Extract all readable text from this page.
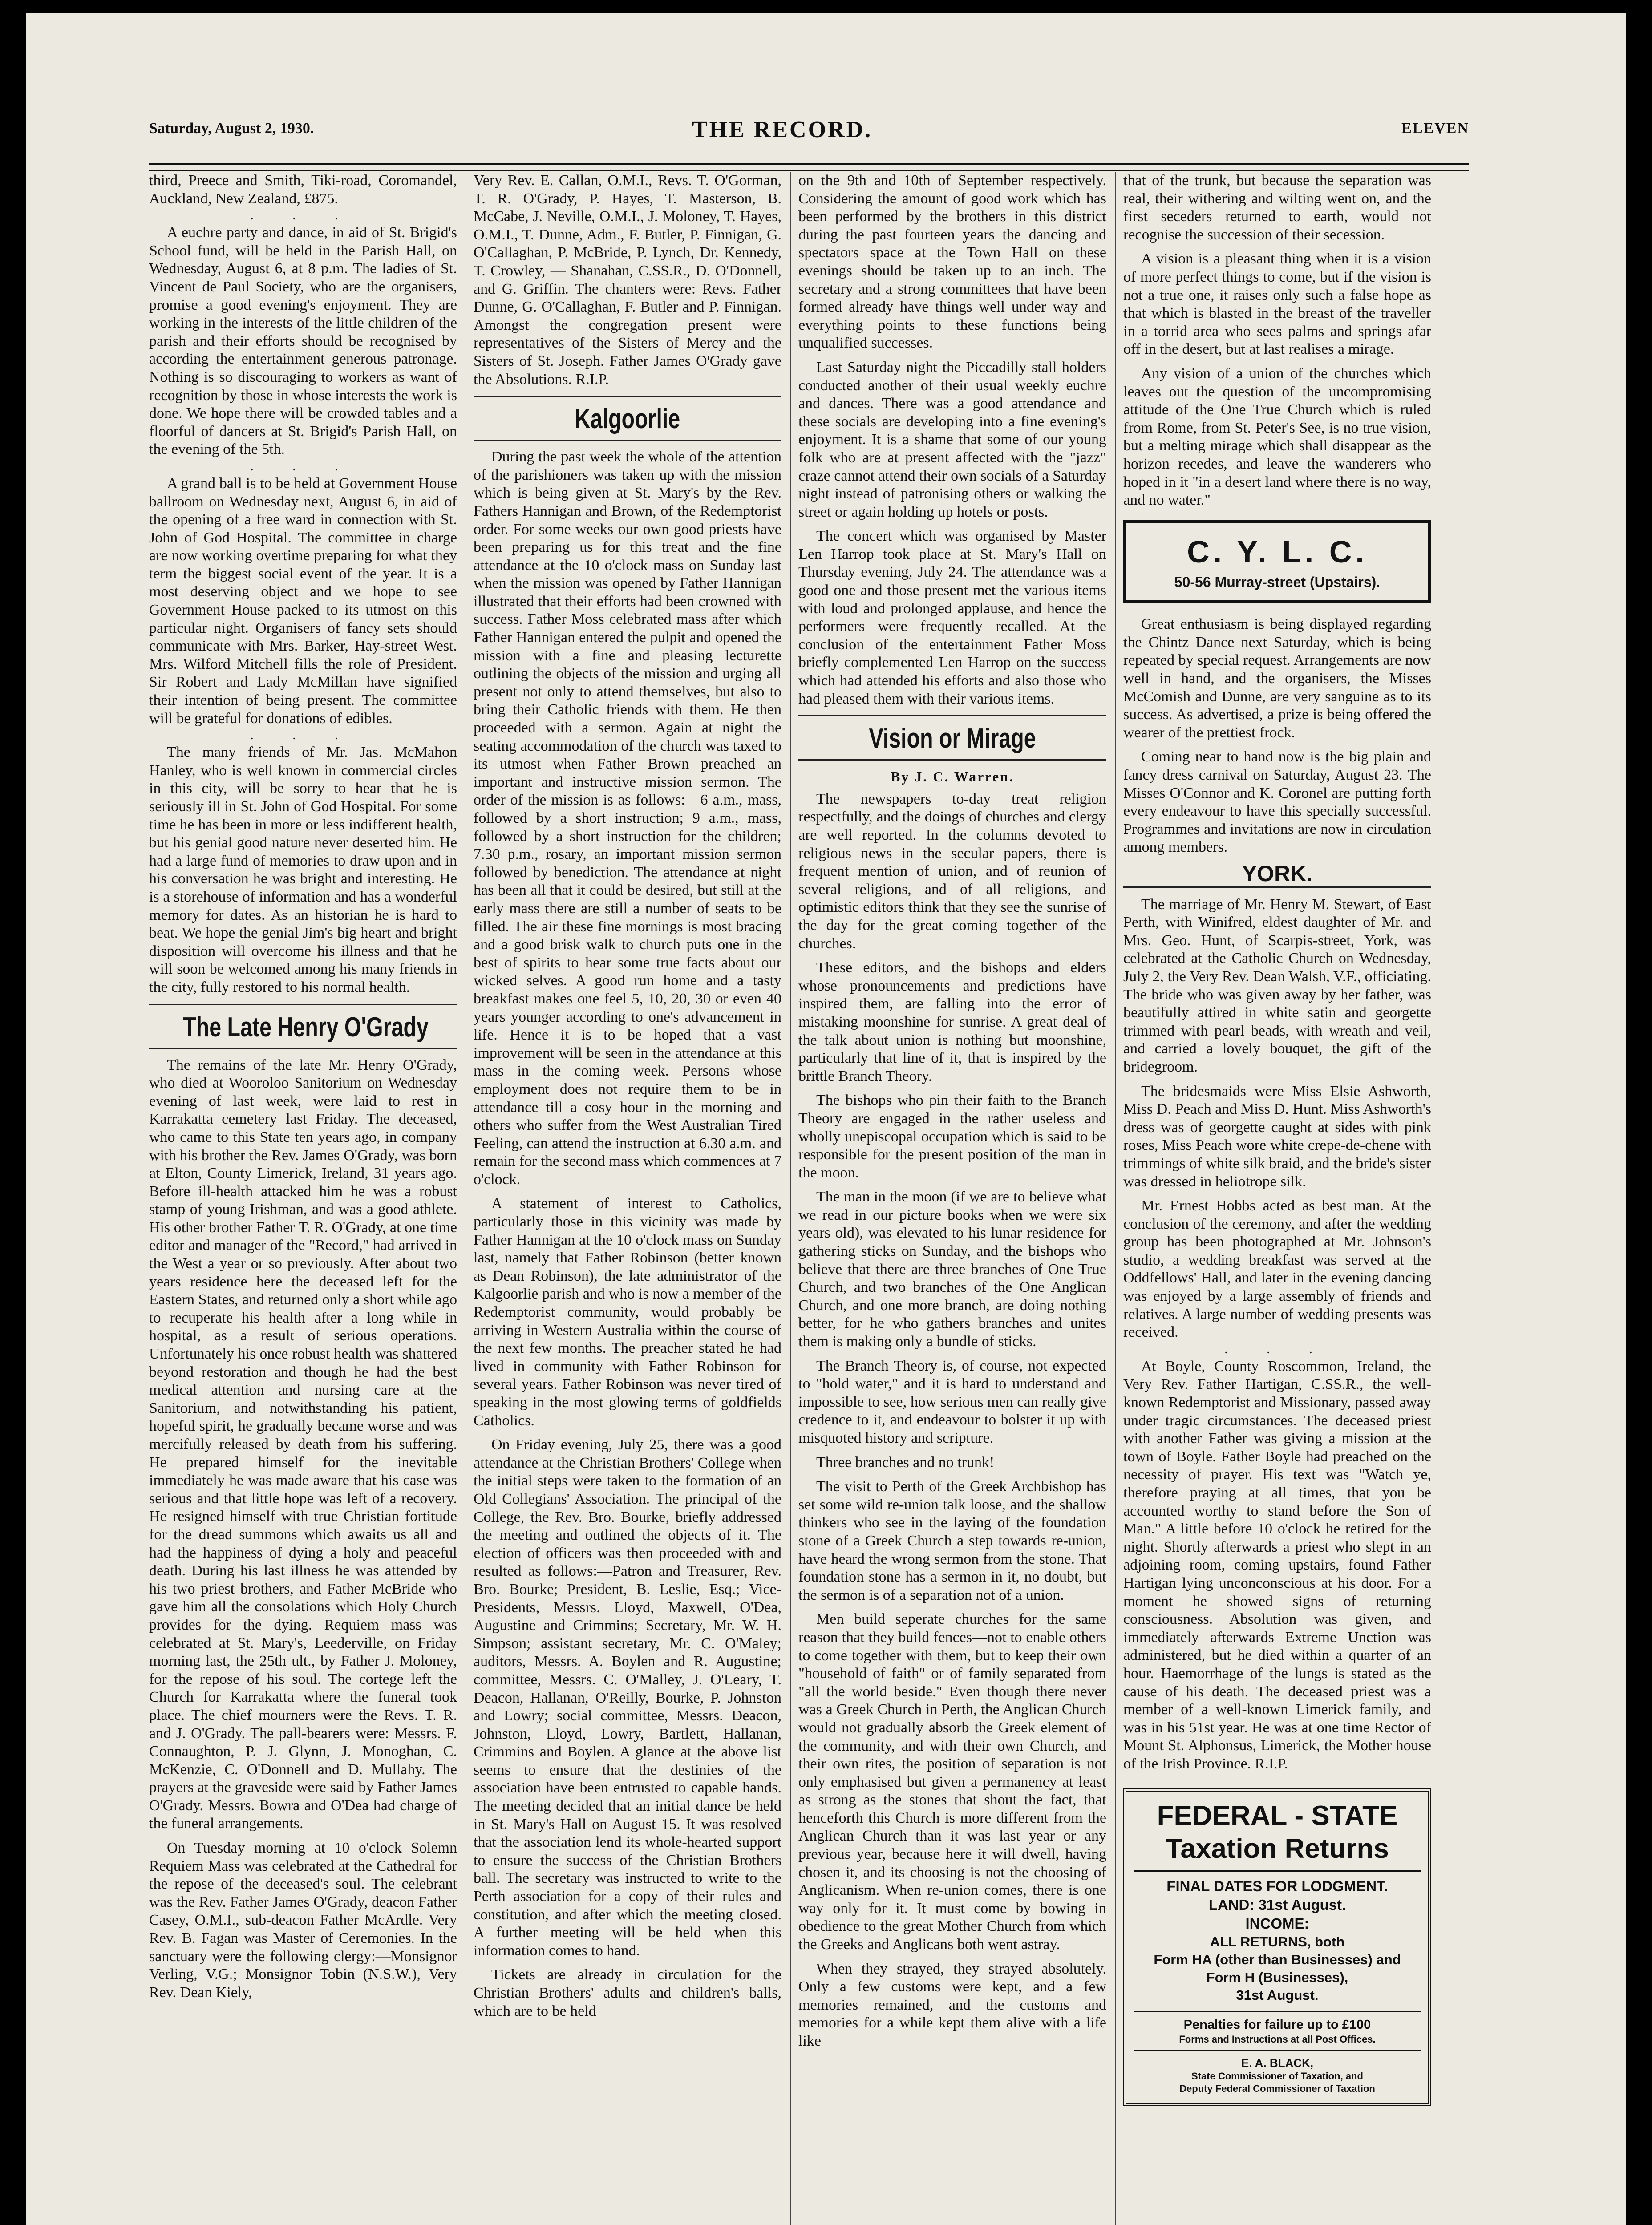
Saturday, August 2, 1930.	THE RECORD.	ELEVEN

third, Preece and Smith, Tiki-road, Coromandel, Auckland, New Zealand, £875.

. . .

A euchre party and dance, in aid of St. Brigid's School fund, will be held in the Parish Hall, on Wednesday, August 6, at 8 p.m. The ladies of St. Vincent de Paul Society, who are the organisers, promise a good evening's enjoyment. They are working in the interests of the little children of the parish and their efforts should be recognised by according the entertainment generous patronage. Nothing is so discouraging to workers as want of recognition by those in whose interests the work is done. We hope there will be crowded tables and a floorful of dancers at St. Brigid's Parish Hall, on the evening of the 5th.

. . .

A grand ball is to be held at Government House ballroom on Wednesday next, August 6, in aid of the opening of a free ward in connection with St. John of God Hospital. The committee in charge are now working overtime preparing for what they term the biggest social event of the year. It is a most deserving object and we hope to see Government House packed to its utmost on this particular night. Organisers of fancy sets should communicate with Mrs. Barker, Hay-street West. Mrs. Wilford Mitchell fills the role of President. Sir Robert and Lady McMillan have signified their intention of being present. The committee will be grateful for donations of edibles.

. . .

The many friends of Mr. Jas. McMahon Hanley, who is well known in commercial circles in this city, will be sorry to hear that he is seriously ill in St. John of God Hospital. For some time he has been in more or less indifferent health, but his genial good nature never deserted him. He had a large fund of memories to draw upon and in his conversation he was bright and interesting. He is a storehouse of information and has a wonderful memory for dates. As an historian he is hard to beat. We hope the genial Jim's big heart and bright disposition will overcome his illness and that he will soon be welcomed among his many friends in the city, fully restored to his normal health.

The Late Henry O'Grady

The remains of the late Mr. Henry O'Grady, who died at Wooroloo Sanitorium on Wednesday evening of last week, were laid to rest in Karrakatta cemetery last Friday. The deceased, who came to this State ten years ago, in company with his brother the Rev. James O'Grady, was born at Elton, County Limerick, Ireland, 31 years ago. Before ill-health attacked him he was a robust stamp of young Irishman, and was a good athlete. His other brother Father T. R. O'Grady, at one time editor and manager of the "Record," had arrived in the West a year or so previously. After about two years residence here the deceased left for the Eastern States, and returned only a short while ago to recuperate his health after a long while in hospital, as a result of serious operations. Unfortunately his once robust health was shattered beyond restoration and though he had the best medical attention and nursing care at the Sanitorium, and notwithstanding his patient, hopeful spirit, he gradually became worse and was mercifully released by death from his suffering. He prepared himself for the inevitable immediately he was made aware that his case was serious and that little hope was left of a recovery. He resigned himself with true Christian fortitude for the dread summons which awaits us all and had the happiness of dying a holy and peaceful death. During his last illness he was attended by his two priest brothers, and Father McBride who gave him all the consolations which Holy Church provides for the dying. Requiem mass was celebrated at St. Mary's, Leederville, on Friday morning last, the 25th ult., by Father J. Moloney, for the repose of his soul. The cortege left the Church for Karrakatta where the funeral took place. The chief mourners were the Revs. T. R. and J. O'Grady. The pall-bearers were: Messrs. F. Connaughton, P. J. Glynn, J. Monoghan, C. McKenzie, C. O'Donnell and D. Mullahy. The prayers at the graveside were said by Father James O'Grady. Messrs. Bowra and O'Dea had charge of the funeral arrangements.

On Tuesday morning at 10 o'clock Solemn Requiem Mass was celebrated at the Cathedral for the repose of the deceased's soul. The celebrant was the Rev. Father James O'Grady, deacon Father Casey, O.M.I., sub-deacon Father McArdle. Very Rev. B. Fagan was Master of Ceremonies. In the sanctuary were the following clergy:—Monsignor Verling, V.G.; Monsignor Tobin (N.S.W.), Very Rev. Dean Kiely,

Very Rev. E. Callan, O.M.I., Revs. T. O'Gorman, T. R. O'Grady, P. Hayes, T. Masterson, B. McCabe, J. Neville, O.M.I., J. Moloney, T. Hayes, O.M.I., T. Dunne, Adm., F. Butler, P. Finnigan, G. O'Callaghan, P. McBride, P. Lynch, Dr. Kennedy, T. Crowley, — Shanahan, C.SS.R., D. O'Donnell, and G. Griffin. The chanters were: Revs. Father Dunne, G. O'Callaghan, F. Butler and P. Finnigan. Amongst the congregation present were representatives of the Sisters of Mercy and the Sisters of St. Joseph. Father James O'Grady gave the Absolutions. R.I.P.

Kalgoorlie

During the past week the whole of the attention of the parishioners was taken up with the mission which is being given at St. Mary's by the Rev. Fathers Hannigan and Brown, of the Redemptorist order. For some weeks our own good priests have been preparing us for this treat and the fine attendance at the 10 o'clock mass on Sunday last when the mission was opened by Father Hannigan illustrated that their efforts had been crowned with success. Father Moss celebrated mass after which Father Hannigan entered the pulpit and opened the mission with a fine and pleasing lecturette outlining the objects of the mission and urging all present not only to attend themselves, but also to bring their Catholic friends with them. He then proceeded with a sermon. Again at night the seating accommodation of the church was taxed to its utmost when Father Brown preached an important and instructive mission sermon. The order of the mission is as follows:—6 a.m., mass, followed by a short instruction; 9 a.m., mass, followed by a short instruction for the children; 7.30 p.m., rosary, an important mission sermon followed by benediction. The attendance at night has been all that it could be desired, but still at the early mass there are still a number of seats to be filled. The air these fine mornings is most bracing and a good brisk walk to church puts one in the best of spirits to hear some true facts about our wicked selves. A good run home and a tasty breakfast makes one feel 5, 10, 20, 30 or even 40 years younger according to one's advancement in life. Hence it is to be hoped that a vast improvement will be seen in the attendance at this mass in the coming week. Persons whose employment does not require them to be in attendance till a cosy hour in the morning and others who suffer from the West Australian Tired Feeling, can attend the instruction at 6.30 a.m. and remain for the second mass which commences at 7 o'clock.

A statement of interest to Catholics, particularly those in this vicinity was made by Father Hannigan at the 10 o'clock mass on Sunday last, namely that Father Robinson (better known as Dean Robinson), the late administrator of the Kalgoorlie parish and who is now a member of the Redemptorist community, would probably be arriving in Western Australia within the course of the next few months. The preacher stated he had lived in community with Father Robinson for several years. Father Robinson was never tired of speaking in the most glowing terms of goldfields Catholics.

On Friday evening, July 25, there was a good attendance at the Christian Brothers' College when the initial steps were taken to the formation of an Old Collegians' Association. The principal of the College, the Rev. Bro. Bourke, briefly addressed the meeting and outlined the objects of it. The election of officers was then proceeded with and resulted as follows:—Patron and Treasurer, Rev. Bro. Bourke; President, B. Leslie, Esq.; Vice-Presidents, Messrs. Lloyd, Maxwell, O'Dea, Augustine and Crimmins; Secretary, Mr. W. H. Simpson; assistant secretary, Mr. C. O'Maley; auditors, Messrs. A. Boylen and R. Augustine; committee, Messrs. C. O'Malley, J. O'Leary, T. Deacon, Hallanan, O'Reilly, Bourke, P. Johnston and Lowry; social committee, Messrs. Deacon, Johnston, Lloyd, Lowry, Bartlett, Hallanan, Crimmins and Boylen. A glance at the above list seems to ensure that the destinies of the association have been entrusted to capable hands. The meeting decided that an initial dance be held in St. Mary's Hall on August 15. It was resolved that the association lend its whole-hearted support to ensure the success of the Christian Brothers ball. The secretary was instructed to write to the Perth association for a copy of their rules and constitution, and after which the meeting closed. A further meeting will be held when this information comes to hand.

Tickets are already in circulation for the Christian Brothers' adults and children's balls, which are to be held

on the 9th and 10th of September respectively. Considering the amount of good work which has been performed by the brothers in this district during the past fourteen years the dancing and spectators space at the Town Hall on these evenings should be taken up to an inch. The secretary and a strong committees that have been formed already have things well under way and everything points to these functions being unqualified successes.

Last Saturday night the Piccadilly stall holders conducted another of their usual weekly euchre and dances. There was a good attendance and these socials are developing into a fine evening's enjoyment. It is a shame that some of our young folk who are at present affected with the "jazz" craze cannot attend their own socials of a Saturday night instead of patronising others or walking the street or again holding up hotels or posts.

The concert which was organised by Master Len Harrop took place at St. Mary's Hall on Thursday evening, July 24. The attendance was a good one and those present met the various items with loud and prolonged applause, and hence the performers were frequently recalled. At the conclusion of the entertainment Father Moss briefly complemented Len Harrop on the success which had attended his efforts and also those who had pleased them with their various items.

Vision or Mirage
By J. C. Warren.

The newspapers to-day treat religion respectfully, and the doings of churches and clergy are well reported. In the columns devoted to religious news in the secular papers, there is frequent mention of union, and of reunion of several religions, and of all religions, and optimistic editors think that they see the sunrise of the day for the great coming together of the churches.

These editors, and the bishops and elders whose pronouncements and predictions have inspired them, are falling into the error of mistaking moonshine for sunrise. A great deal of the talk about union is nothing but moonshine, particularly that line of it, that is inspired by the brittle Branch Theory.

The bishops who pin their faith to the Branch Theory are engaged in the rather useless and wholly unepiscopal occupation which is said to be responsible for the present position of the man in the moon.

The man in the moon (if we are to believe what we read in our picture books when we were six years old), was elevated to his lunar residence for gathering sticks on Sunday, and the bishops who believe that there are three branches of One True Church, and two branches of the One Anglican Church, and one more branch, are doing nothing better, for he who gathers branches and unites them is making only a bundle of sticks.

The Branch Theory is, of course, not expected to "hold water," and it is hard to understand and impossible to see, how serious men can really give credence to it, and endeavour to bolster it up with misquoted history and scripture.

Three branches and no trunk!

The visit to Perth of the Greek Archbishop has set some wild re-union talk loose, and the shallow thinkers who see in the laying of the foundation stone of a Greek Church a step towards re-union, have heard the wrong sermon from the stone. That foundation stone has a sermon in it, no doubt, but the sermon is of a separation not of a union.

Men build seperate churches for the same reason that they build fences—not to enable others to come together with them, but to keep their own "household of faith" or of family separated from "all the world beside." Even though there never was a Greek Church in Perth, the Anglican Church would not gradually absorb the Greek element of the community, and with their own Church, and their own rites, the position of separation is not only emphasised but given a permanency at least as strong as the stones that shout the fact, that henceforth this Church is more different from the Anglican Church than it was last year or any previous year, because here it will dwell, having chosen it, and its choosing is not the choosing of Anglicanism. When re-union comes, there is one way only for it. It must come by bowing in obedience to the great Mother Church from which the Greeks and Anglicans both went astray.

When they strayed, they strayed absolutely. Only a few customs were kept, and a few memories remained, and the customs and memories for a while kept them alive with a life like

that of the trunk, but because the separation was real, their withering and wilting went on, and the first seceders returned to earth, would not recognise the succession of their secession.

A vision is a pleasant thing when it is a vision of more perfect things to come, but if the vision is not a true one, it raises only such a false hope as that which is blasted in the breast of the traveller in a torrid area who sees palms and springs afar off in the desert, but at last realises a mirage.

Any vision of a union of the churches which leaves out the question of the uncompromising attitude of the One True Church which is ruled from Rome, from St. Peter's See, is no true vision, but a melting mirage which shall disappear as the horizon recedes, and leave the wanderers who hoped in it "in a desert land where there is no way, and no water."

C. Y. L. C.
50-56 Murray-street (Upstairs).

Great enthusiasm is being displayed regarding the Chintz Dance next Saturday, which is being repeated by special request. Arrangements are now well in hand, and the organisers, the Misses McComish and Dunne, are very sanguine as to its success. As advertised, a prize is being offered the wearer of the prettiest frock.

Coming near to hand now is the big plain and fancy dress carnival on Saturday, August 23. The Misses O'Connor and K. Coronel are putting forth every endeavour to have this specially successful. Programmes and invitations are now in circulation among members.

YORK.

The marriage of Mr. Henry M. Stewart, of East Perth, with Winifred, eldest daughter of Mr. and Mrs. Geo. Hunt, of Scarpis-street, York, was celebrated at the Catholic Church on Wednesday, July 2, the Very Rev. Dean Walsh, V.F., officiating. The bride who was given away by her father, was beautifully attired in white satin and georgette trimmed with pearl beads, with wreath and veil, and carried a lovely bouquet, the gift of the bridegroom.

The bridesmaids were Miss Elsie Ashworth, Miss D. Peach and Miss D. Hunt. Miss Ashworth's dress was of georgette caught at sides with pink roses, Miss Peach wore white crepe-de-chene with trimmings of white silk braid, and the bride's sister was dressed in heliotrope silk.

Mr. Ernest Hobbs acted as best man. At the conclusion of the ceremony, and after the wedding group has been photographed at Mr. Johnson's studio, a wedding breakfast was served at the Oddfellows' Hall, and later in the evening dancing was enjoyed by a large assembly of friends and relatives. A large number of wedding presents was received.

. . .

At Boyle, County Roscommon, Ireland, the Very Rev. Father Hartigan, C.SS.R., the well-known Redemptorist and Missionary, passed away under tragic circumstances. The deceased priest with another Father was giving a mission at the town of Boyle. Father Boyle had preached on the necessity of prayer. His text was "Watch ye, therefore praying at all times, that you be accounted worthy to stand before the Son of Man." A little before 10 o'clock he retired for the night. Shortly afterwards a priest who slept in an adjoining room, coming upstairs, found Father Hartigan lying unconconscious at his door. For a moment he showed signs of returning consciousness. Absolution was given, and immediately afterwards Extreme Unction was administered, but he died within a quarter of an hour. Haemorrhage of the lungs is stated as the cause of his death. The deceased priest was a member of a well-known Limerick family, and was in his 51st year. He was at one time Rector of Mount St. Alphonsus, Limerick, the Mother house of the Irish Province. R.I.P.

FEDERAL - STATE
Taxation Returns
FINAL DATES FOR LODGMENT.
LAND: 31st August.
INCOME:
ALL RETURNS, both
Form HA (other than Businesses) and
Form H (Businesses),
31st August.
Penalties for failure up to £100
Forms and Instructions at all Post Offices.
E. A. BLACK,
State Commissioner of Taxation, and
Deputy Federal Commissioner of Taxation
